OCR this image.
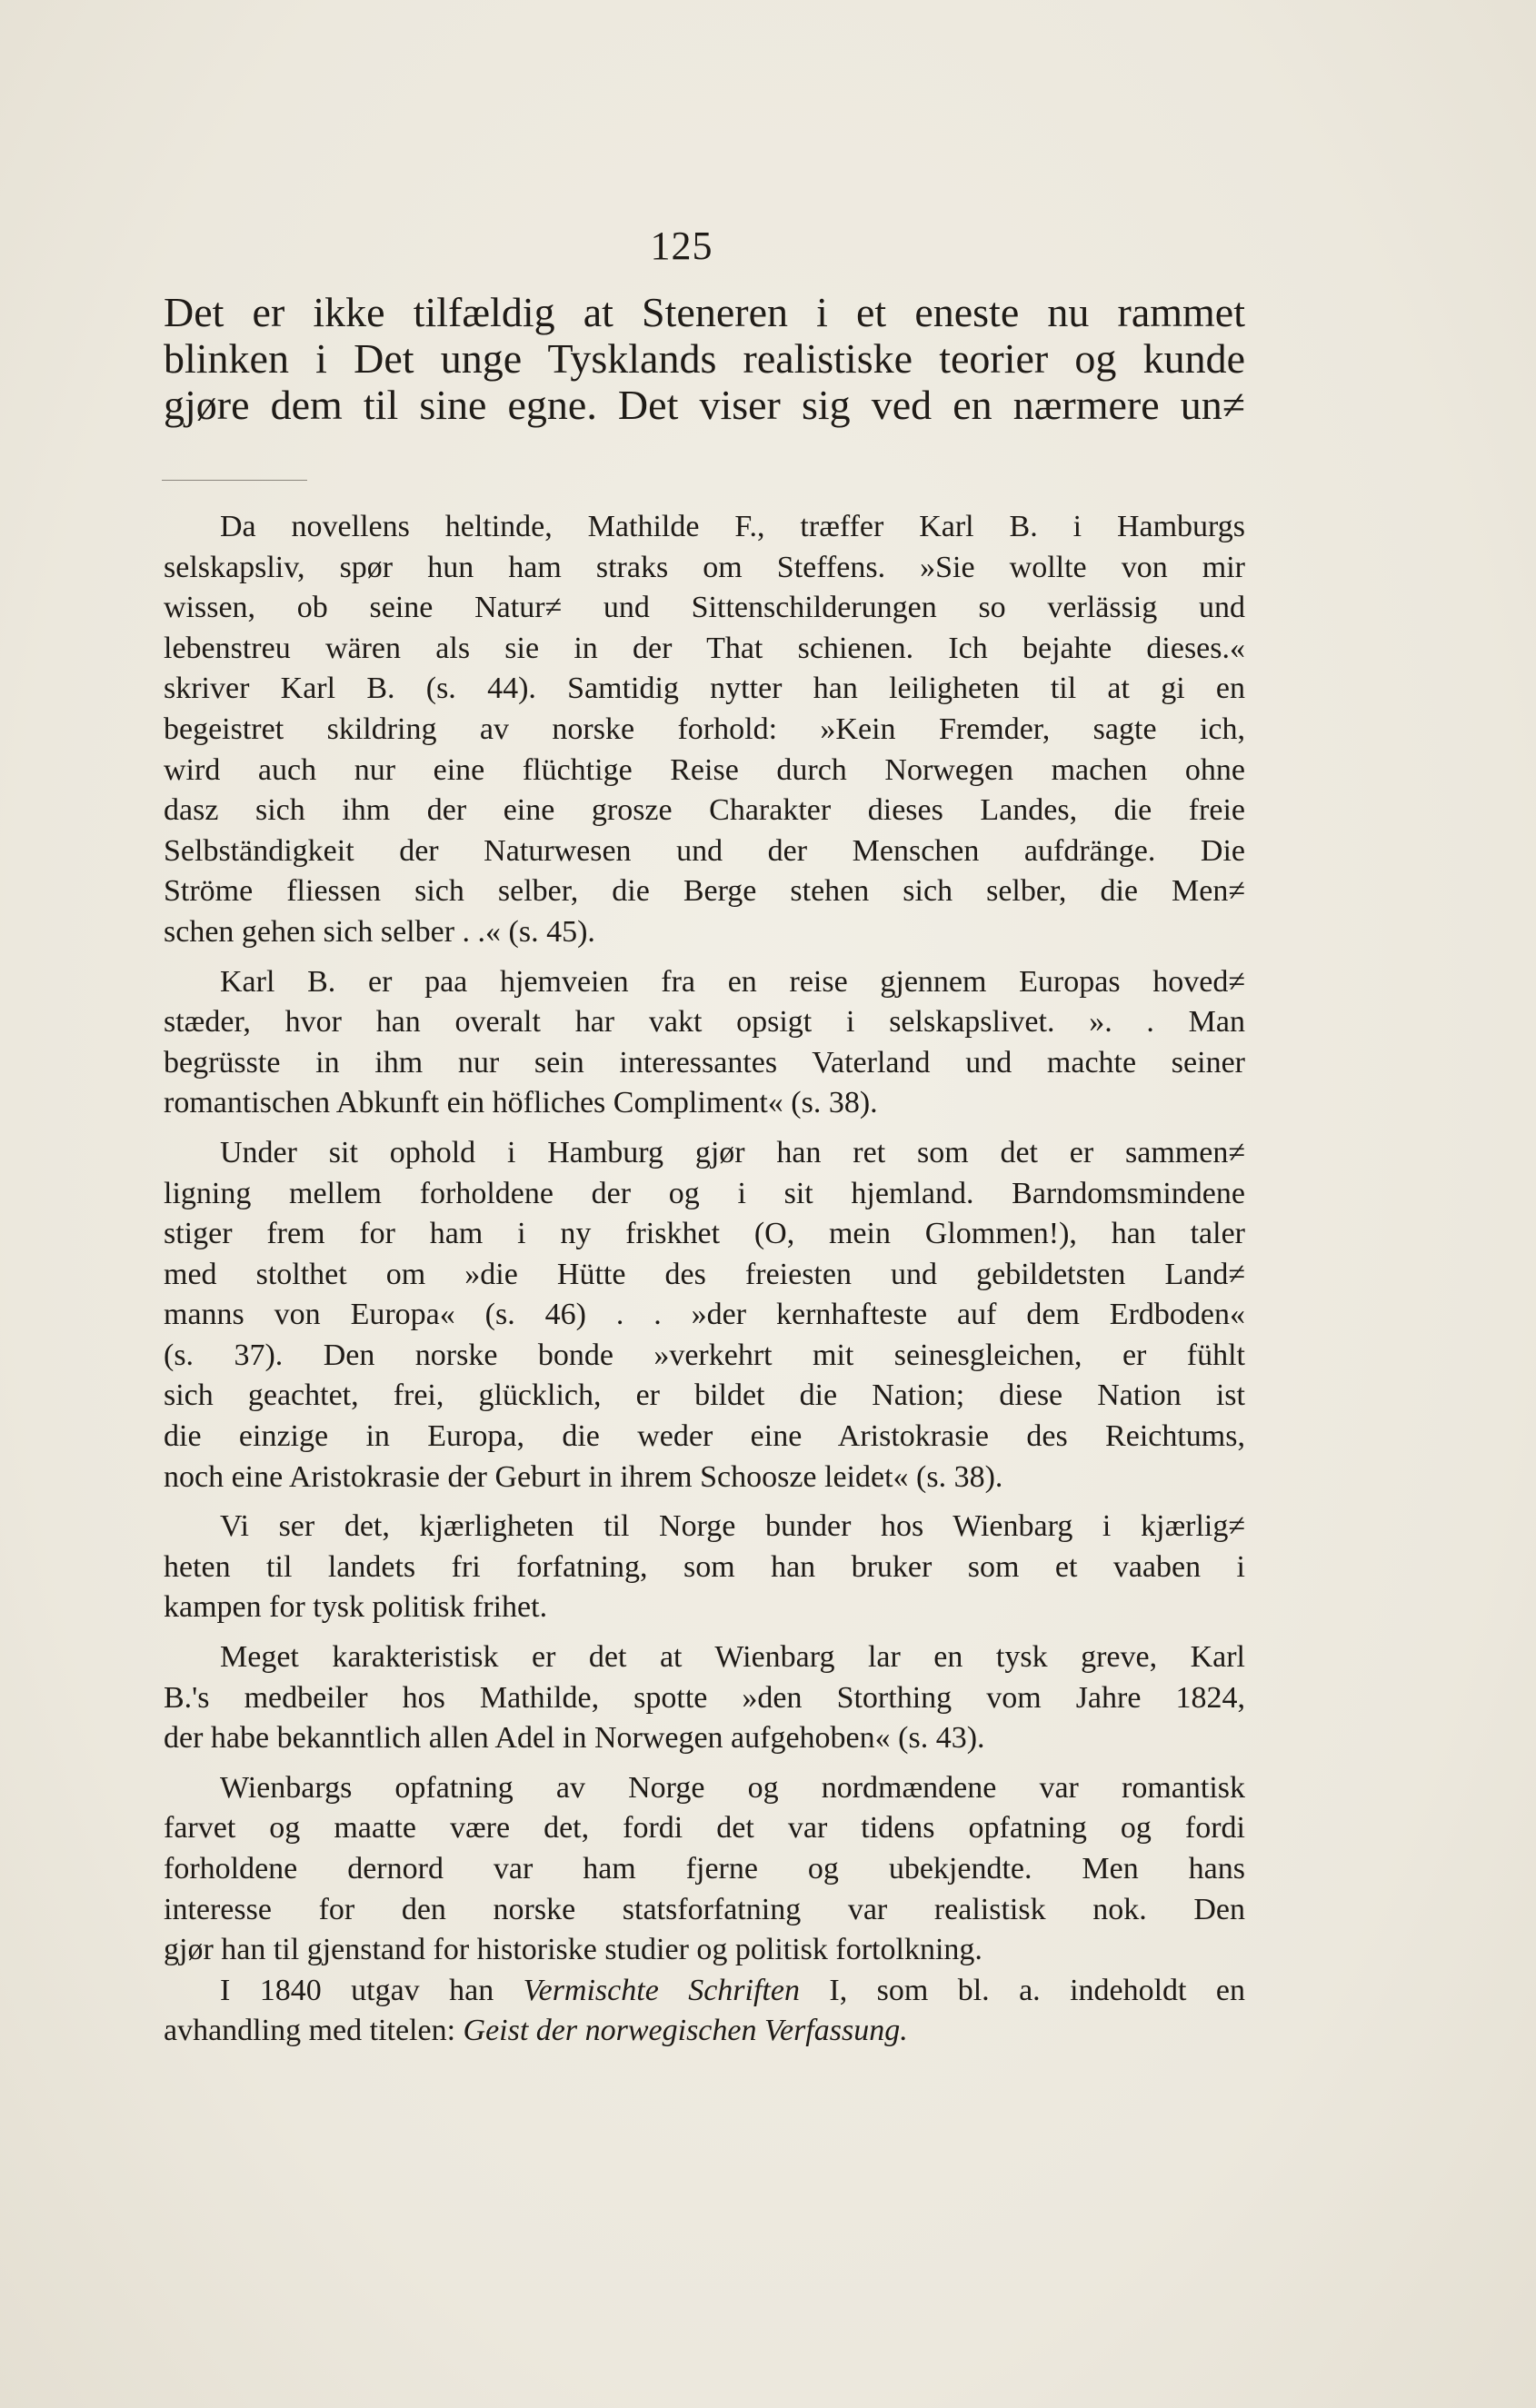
125
Det er ikke tilfældig at Steneren i et eneste nu rammet
blinken i Det unge Tysklands realistiske teorier og kunde
gjøre dem til sine egne. Det viser sig ved en nærmere un≠
Da novellens heltinde, Mathilde F., træffer Karl B. i Hamburgs
selskapsliv, spør hun ham straks om Steffens. »Sie wollte von mir
wissen, ob seine Natur≠ und Sittenschilderungen so verlässig und
lebenstreu wären als sie in der That schienen. Ich bejahte dieses.«
skriver Karl B. (s. 44). Samtidig nytter han leiligheten til at gi en
begeistret skildring av norske forhold: »Kein Fremder, sagte ich,
wird auch nur eine flüchtige Reise durch Norwegen machen ohne
dasz sich ihm der eine grosze Charakter dieses Landes, die freie
Selbständigkeit der Naturwesen und der Menschen aufdränge. Die
Ströme fliessen sich selber, die Berge stehen sich selber, die Men≠
schen gehen sich selber . .« (s. 45).
Karl B. er paa hjemveien fra en reise gjennem Europas hoved≠
stæder, hvor han overalt har vakt opsigt i selskapslivet. ». . Man
begrüsste in ihm nur sein interessantes Vaterland und machte seiner
romantischen Abkunft ein höfliches Compliment« (s. 38).
Under sit ophold i Hamburg gjør han ret som det er sammen≠
ligning mellem forholdene der og i sit hjemland. Barndomsmindene
stiger frem for ham i ny friskhet (O, mein Glommen!), han taler
med stolthet om »die Hütte des freiesten und gebildetsten Land≠
manns von Europa« (s. 46) . . »der kernhafteste auf dem Erdboden«
(s. 37). Den norske bonde »verkehrt mit seinesgleichen, er fühlt
sich geachtet, frei, glücklich, er bildet die Nation; diese Nation ist
die einzige in Europa, die weder eine Aristokrasie des Reichtums,
noch eine Aristokrasie der Geburt in ihrem Schoosze leidet« (s. 38).
Vi ser det, kjærligheten til Norge bunder hos Wienbarg i kjærlig≠
heten til landets fri forfatning, som han bruker som et vaaben i
kampen for tysk politisk frihet.
Meget karakteristisk er det at Wienbarg lar en tysk greve, Karl
B.'s medbeiler hos Mathilde, spotte »den Storthing vom Jahre 1824,
der habe bekanntlich allen Adel in Norwegen aufgehoben« (s. 43).
Wienbargs opfatning av Norge og nordmændene var romantisk
farvet og maatte være det, fordi det var tidens opfatning og fordi
forholdene dernord var ham fjerne og ubekjendte. Men hans
interesse for den norske statsforfatning var realistisk nok. Den
gjør han til gjenstand for historiske studier og politisk fortolkning.
I 1840 utgav han Vermischte Schriften I, som bl. a. indeholdt en
avhandling med titelen: Geist der norwegischen Verfassung.
